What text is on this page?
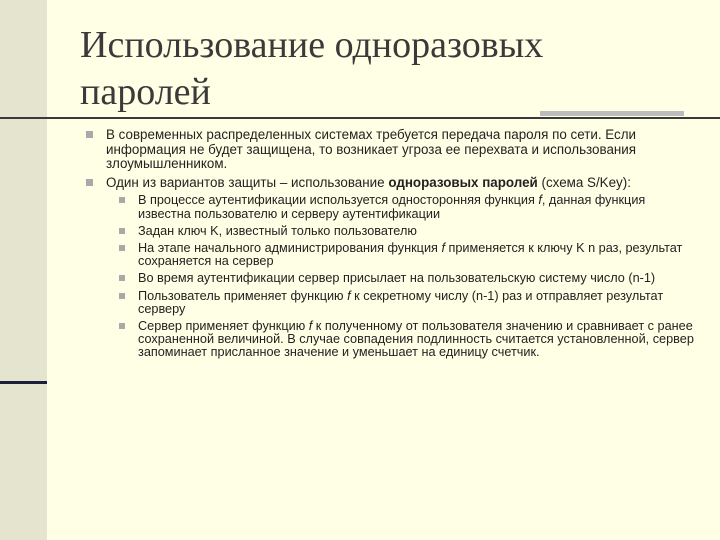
Использование одноразовых паролей
В современных распределенных системах требуется передача пароля по сети. Если информация не будет защищена, то возникает угроза ее перехвата и использования злоумышленником.
Один из вариантов защиты – использование одноразовых паролей (схема S/Key):
В процессе аутентификации используется односторонняя функция f, данная функция известна пользователю и серверу аутентификации
Задан ключ K, известный только пользователю
На этапе начального администрирования функция f применяется к ключу K n раз, результат сохраняется на сервер
Во время аутентификации сервер присылает на пользовательскую систему число (n-1)
Пользователь применяет функцию f к секретному числу (n-1) раз и отправляет результат серверу
Сервер применяет функцию f к полученному от пользователя значению и сравнивает с ранее сохраненной величиной. В случае совпадения подлинность считается установленной, сервер запоминает присланное значение и уменьшает на единицу счетчик.
